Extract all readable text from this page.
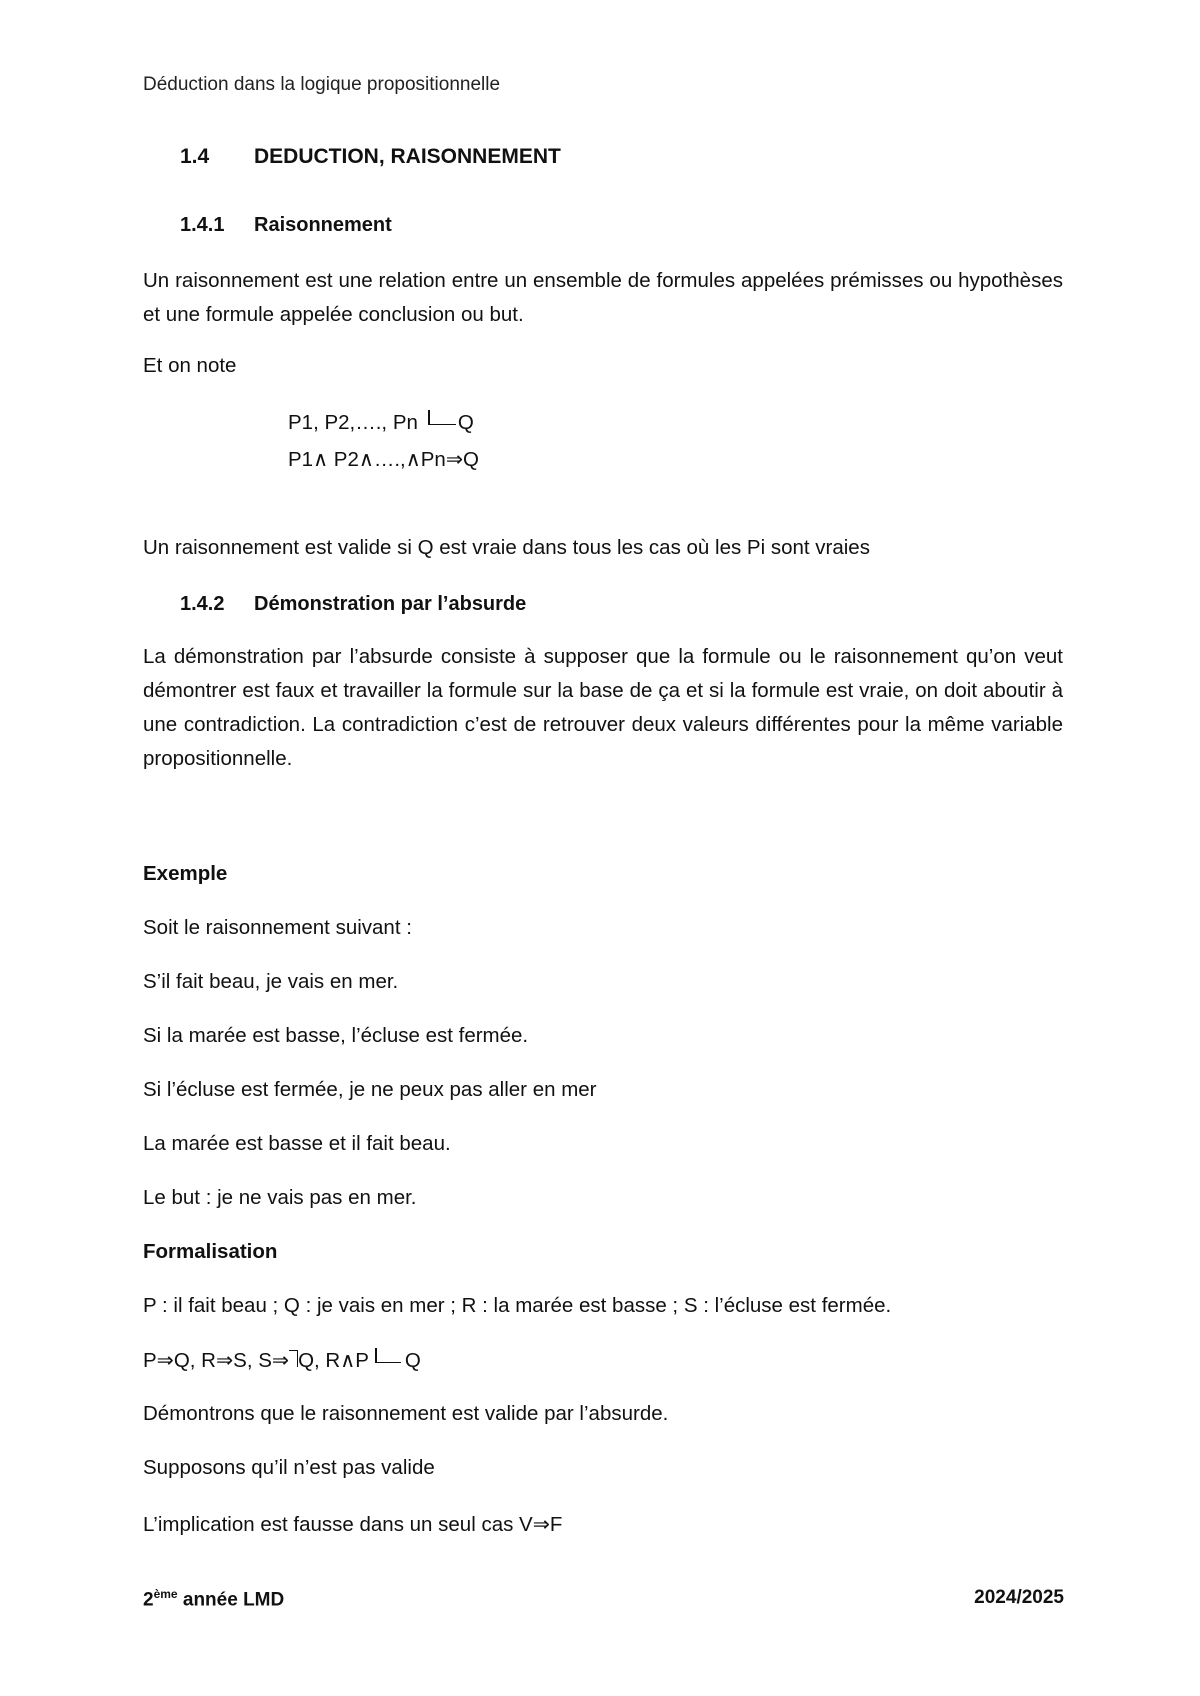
Déduction dans la logique propositionnelle

1.4 DEDUCTION, RAISONNEMENT

1.4.1 Raisonnement

Un raisonnement est une relation entre un ensemble de formules appelées prémisses ou hypothèses et une formule appelée conclusion ou but.

Et on note

P1, P2,…., Pn Q

P1∧ P2∧….,∧Pn⇒Q

Un raisonnement est valide si Q est vraie dans tous les cas où les Pi sont vraies

1.4.2 Démonstration par l’absurde

La démonstration par l’absurde consiste à supposer que la formule ou le raisonnement qu’on veut démontrer est faux et travailler la formule sur la base de ça et si la formule est vraie, on doit aboutir à une contradiction. La contradiction c’est de retrouver deux valeurs différentes pour la même variable propositionnelle.

Exemple

Soit le raisonnement suivant :

S’il fait beau, je vais en mer.

Si la marée est basse, l’écluse est fermée.

Si l’écluse est fermée, je ne peux pas aller en mer

La marée est basse et il fait beau.

Le but : je ne vais pas en mer.

Formalisation

P : il fait beau ; Q : je vais en mer ; R : la marée est basse ; S : l’écluse est fermée.

P⇒Q, R⇒S, S⇒ Q, R∧P Q

Démontrons que le raisonnement est valide par l’absurde.

Supposons qu’il n’est pas valide

L’implication est fausse dans un seul cas V⇒F

2ème année LMD	2024/2025
